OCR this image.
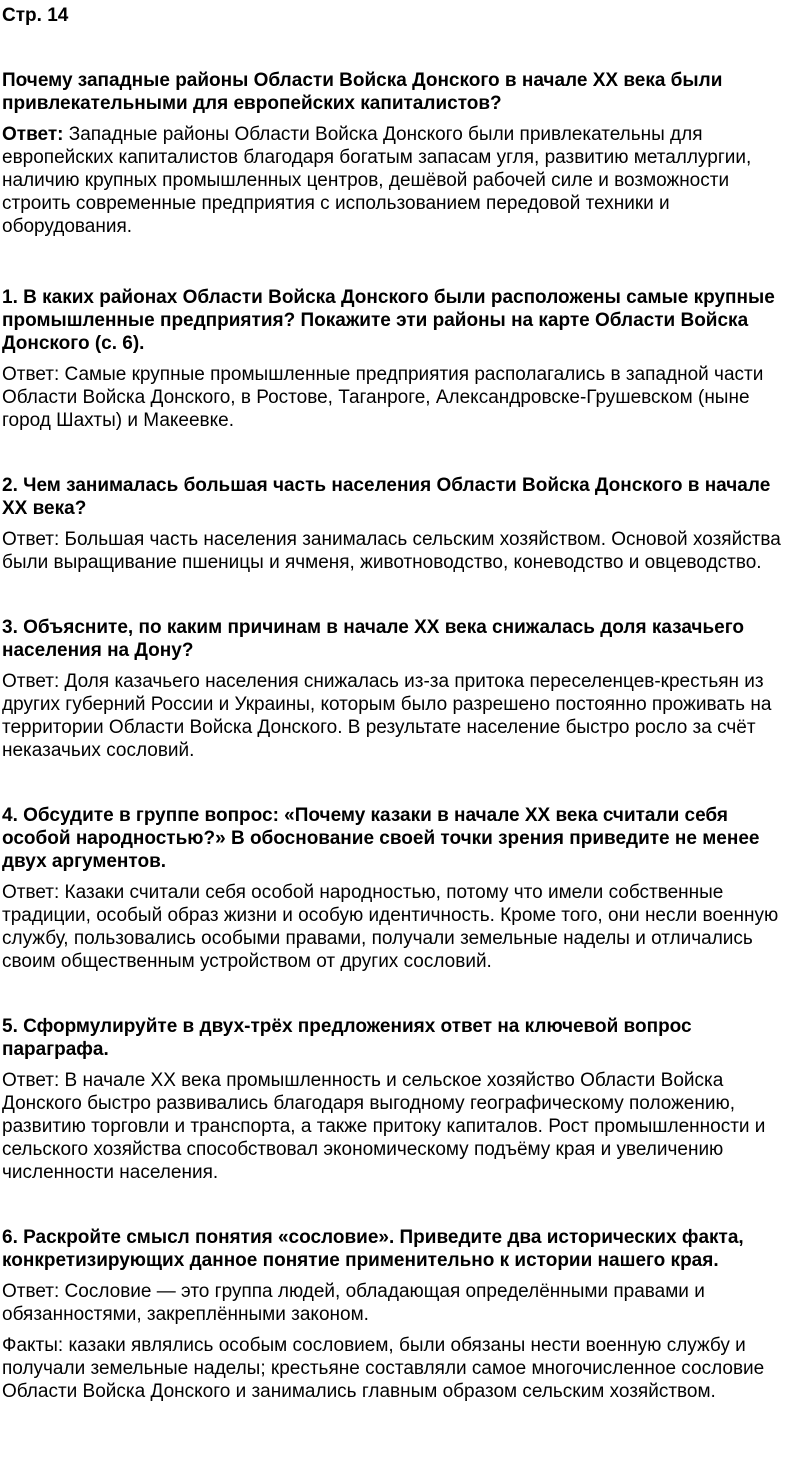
Стр. 14

Почему западные районы Области Войска Донского в начале XX века были привлекательными для европейских капиталистов?

Ответ: Западные районы Области Войска Донского были привлекательны для европейских капиталистов благодаря богатым запасам угля, развитию металлургии, наличию крупных промышленных центров, дешёвой рабочей силе и возможности строить современные предприятия с использованием передовой техники и оборудования.

1. В каких районах Области Войска Донского были расположены самые крупные промышленные предприятия? Покажите эти районы на карте Области Войска Донского (с. 6).

Ответ: Самые крупные промышленные предприятия располагались в западной части Области Войска Донского, в Ростове, Таганроге, Александровске-Грушевском (ныне город Шахты) и Макеевке.

2. Чем занималась большая часть населения Области Войска Донского в начале XX века?

Ответ: Большая часть населения занималась сельским хозяйством. Основой хозяйства были выращивание пшеницы и ячменя, животноводство, коневодство и овцеводство.

3. Объясните, по каким причинам в начале XX века снижалась доля казачьего населения на Дону?

Ответ: Доля казачьего населения снижалась из-за притока переселенцев-крестьян из других губерний России и Украины, которым было разрешено постоянно проживать на территории Области Войска Донского. В результате население быстро росло за счёт неказачьих сословий.

4. Обсудите в группе вопрос: «Почему казаки в начале XX века считали себя особой народностью?» В обоснование своей точки зрения приведите не менее двух аргументов.

Ответ: Казаки считали себя особой народностью, потому что имели собственные традиции, особый образ жизни и особую идентичность. Кроме того, они несли военную службу, пользовались особыми правами, получали земельные наделы и отличались своим общественным устройством от других сословий.

5. Сформулируйте в двух-трёх предложениях ответ на ключевой вопрос параграфа.

Ответ: В начале XX века промышленность и сельское хозяйство Области Войска Донского быстро развивались благодаря выгодному географическому положению, развитию торговли и транспорта, а также притоку капиталов. Рост промышленности и сельского хозяйства способствовал экономическому подъёму края и увеличению численности населения.

6. Раскройте смысл понятия «сословие». Приведите два исторических факта, конкретизирующих данное понятие применительно к истории нашего края.

Ответ: Сословие — это группа людей, обладающая определёнными правами и обязанностями, закреплёнными законом.

Факты: казаки являлись особым сословием, были обязаны нести военную службу и получали земельные наделы; крестьяне составляли самое многочисленное сословие Области Войска Донского и занимались главным образом сельским хозяйством.
